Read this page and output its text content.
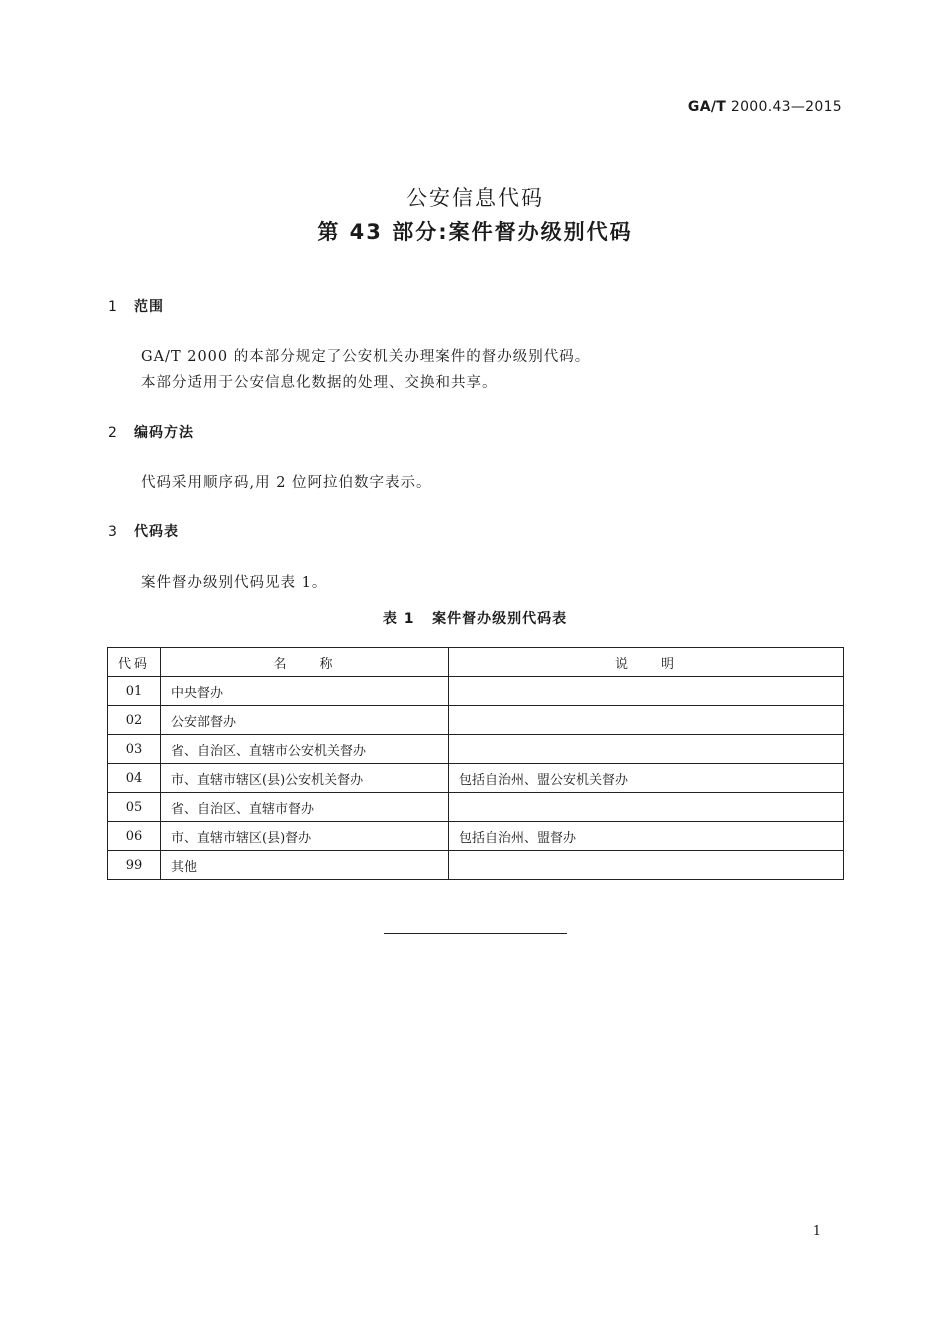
GA/T 2000.43—2015
公安信息代码
第 43 部分:案件督办级别代码
1 范围
GA/T 2000 的本部分规定了公安机关办理案件的督办级别代码。
本部分适用于公安信息化数据的处理、交换和共享。
2 编码方法
代码采用顺序码,用 2 位阿拉伯数字表示。
3 代码表
案件督办级别代码见表 1。
表 1 案件督办级别代码表
代码	名 称	说 明
01	中央督办	
02	公安部督办	
03	省、自治区、直辖市公安机关督办	
04	市、直辖市辖区(县)公安机关督办	包括自治州、盟公安机关督办
05	省、自治区、直辖市督办	
06	市、直辖市辖区(县)督办	包括自治州、盟督办
99	其他	
1
